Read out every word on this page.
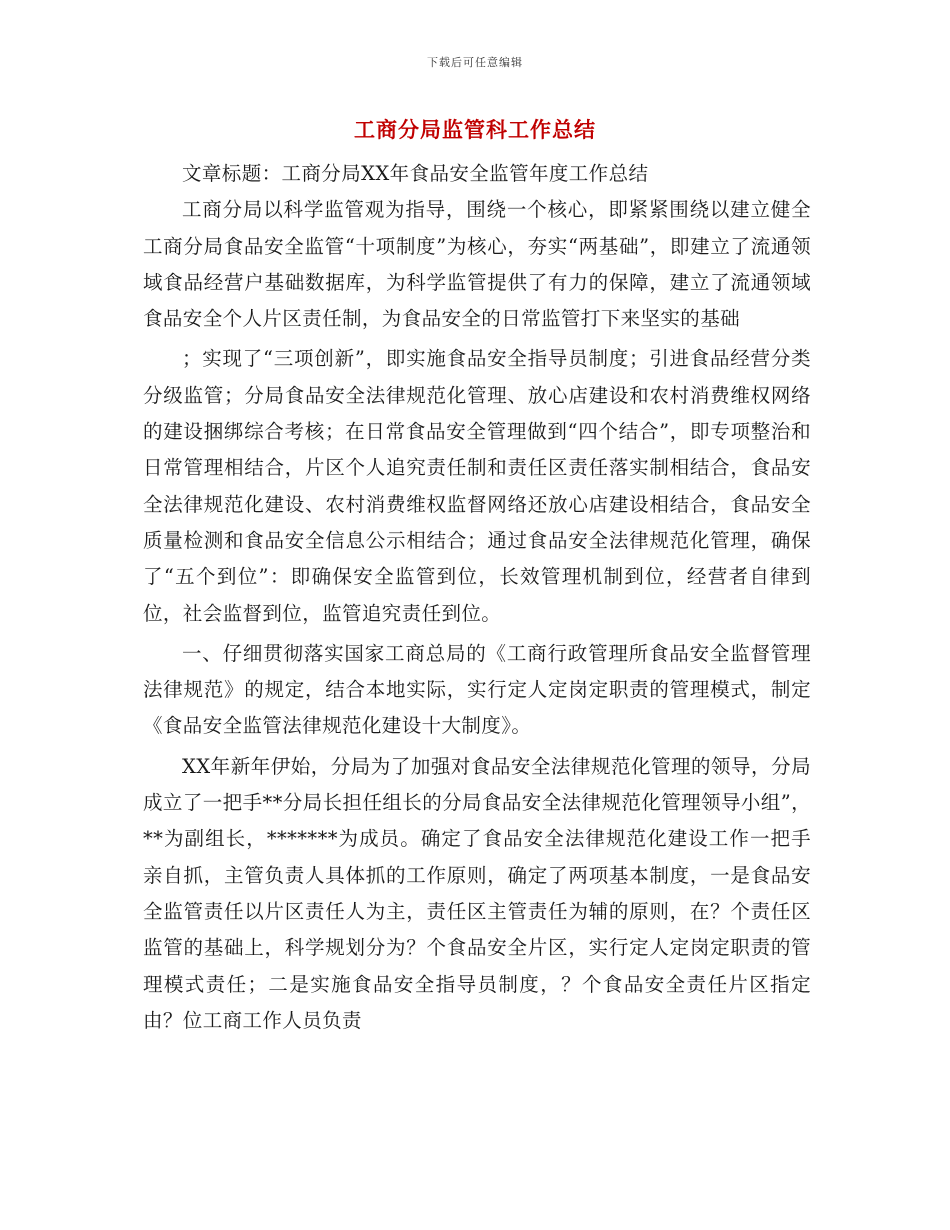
下载后可任意编辑
工商分局监管科工作总结

文章标题：工商分局XX年食品安全监管年度工作总结

工商分局以科学监管观为指导，围绕一个核心，即紧紧围绕以建立健全工商分局食品安全监管“十项制度”为核心，夯实“两基础”，即建立了流通领域食品经营户基础数据库，为科学监管提供了有力的保障，建立了流通领域食品安全个人片区责任制，为食品安全的日常监管打下来坚实的基础

；实现了“三项创新”，即实施食品安全指导员制度；引进食品经营分类分级监管；分局食品安全法律规范化管理、放心店建设和农村消费维权网络的建设捆绑综合考核；在日常食品安全管理做到“四个结合”，即专项整治和日常管理相结合，片区个人追究责任制和责任区责任落实制相结合，食品安全法律规范化建设、农村消费维权监督网络还放心店建设相结合，食品安全质量检测和食品安全信息公示相结合；通过食品安全法律规范化管理，确保了“五个到位”：即确保安全监管到位，长效管理机制到位，经营者自律到位，社会监督到位，监管追究责任到位。

一、仔细贯彻落实国家工商总局的《工商行政管理所食品安全监督管理法律规范》的规定，结合本地实际，实行定人定岗定职责的管理模式，制定《食品安全监管法律规范化建设十大制度》。

XX年新年伊始，分局为了加强对食品安全法律规范化管理的领导，分局成立了一把手**分局长担任组长的分局食品安全法律规范化管理领导小组”，**为副组长，*******为成员。确定了食品安全法律规范化建设工作一把手亲自抓，主管负责人具体抓的工作原则，确定了两项基本制度，一是食品安全监管责任以片区责任人为主，责任区主管责任为辅的原则，在？个责任区监管的基础上，科学规划分为？个食品安全片区，实行定人定岗定职责的管理模式责任；二是实施食品安全指导员制度，？个食品安全责任片区指定由？位工商工作人员负责
